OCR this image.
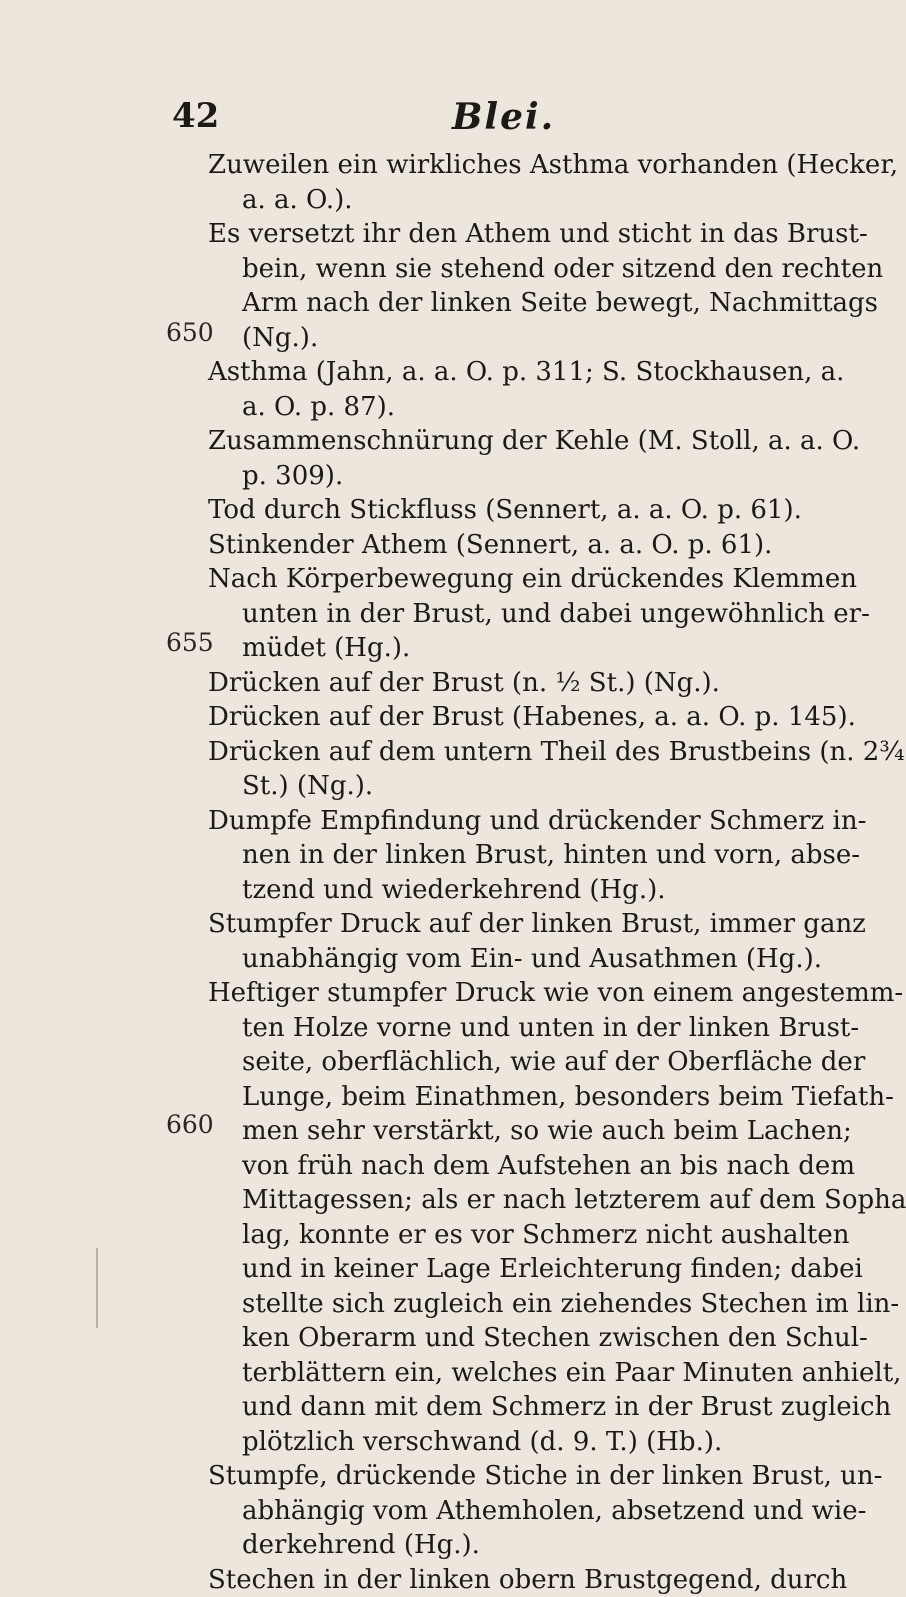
42	Blei.
650
655
660
Zuweilen ein wirkliches Asthma vorhanden (Hecker,
a. a. O.).
Es versetzt ihr den Athem und sticht in das Brust-
bein, wenn sie stehend oder sitzend den rechten
Arm nach der linken Seite bewegt, Nachmittags
(Ng.).
Asthma (Jahn, a. a. O. p. 311; S. Stockhausen, a.
a. O. p. 87).
Zusammenschnürung der Kehle (M. Stoll, a. a. O.
p. 309).
Tod durch Stickfluss (Sennert, a. a. O. p. 61).
Stinkender Athem (Sennert, a. a. O. p. 61).
Nach Körperbewegung ein drückendes Klemmen
unten in der Brust, und dabei ungewöhnlich er-
müdet (Hg.).
Drücken auf der Brust (n. ½ St.) (Ng.).
Drücken auf der Brust (Habenes, a. a. O. p. 145).
Drücken auf dem untern Theil des Brustbeins (n. 2¾
St.) (Ng.).
Dumpfe Empfindung und drückender Schmerz in-
nen in der linken Brust, hinten und vorn, abse-
tzend und wiederkehrend (Hg.).
Stumpfer Druck auf der linken Brust, immer ganz
unabhängig vom Ein- und Ausathmen (Hg.).
Heftiger stumpfer Druck wie von einem angestemm-
ten Holze vorne und unten in der linken Brust-
seite, oberflächlich, wie auf der Oberfläche der
Lunge, beim Einathmen, besonders beim Tiefath-
men sehr verstärkt, so wie auch beim Lachen;
von früh nach dem Aufstehen an bis nach dem
Mittagessen; als er nach letzterem auf dem Sopha
lag, konnte er es vor Schmerz nicht aushalten
und in keiner Lage Erleichterung finden; dabei
stellte sich zugleich ein ziehendes Stechen im lin-
ken Oberarm und Stechen zwischen den Schul-
terblättern ein, welches ein Paar Minuten anhielt,
und dann mit dem Schmerz in der Brust zugleich
plötzlich verschwand (d. 9. T.) (Hb.).
Stumpfe, drückende Stiche in der linken Brust, un-
abhängig vom Athemholen, absetzend und wie-
derkehrend (Hg.).
Stechen in der linken obern Brustgegend, durch
